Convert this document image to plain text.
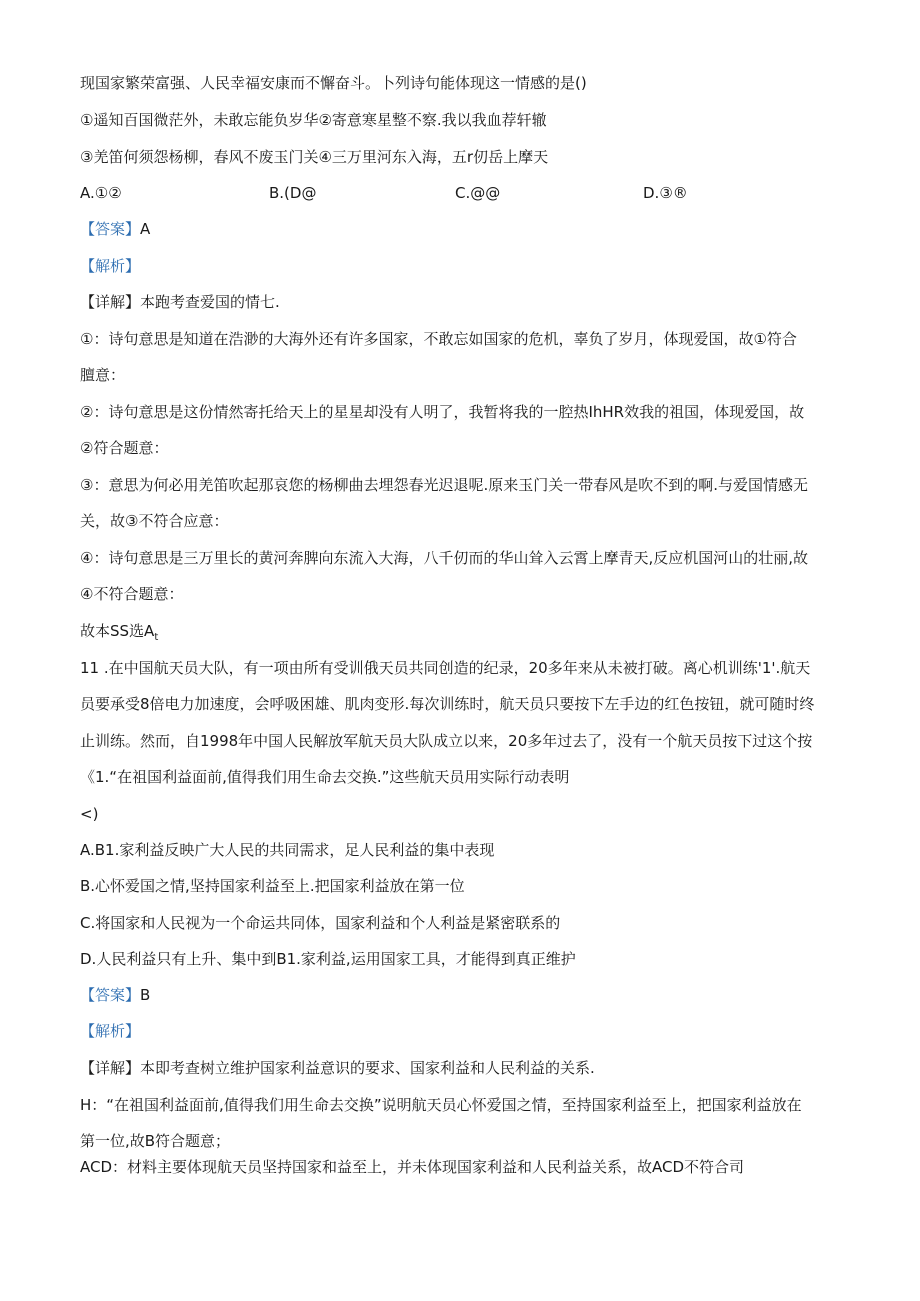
现国家繁荣富强、人民幸福安康而不懈奋斗。卜列诗句能体现这一情感的是()
①遥知百国微茫外，未敢忘能负岁华②寄意寒星整不察.我以我血荐轩辙
③羌笛何须怨杨柳，春风不废玉门关④三万里河东入海，五r仞岳上摩天
A.①②	B.(D@	C.@@	D.③®
【答案】A
【解析】
【详解】本跑考查爱国的情七.
①：诗句意思是知道在浩渺的大海外还有许多国家，不敢忘如国家的危机，辜负了岁月，体现爱国，故①符合
膻意：
②：诗句意思是这份情然寄托给天上的星星却没有人明了，我暂将我的一腔热IhHR效我的祖国，体现爱国，故
②符合题意：
③：意思为何必用羌笛吹起那哀您的杨柳曲去埋怨春光迟退呢.原来玉门关一带春风是吹不到的啊.与爱国情感无
关，故③不符合应意：
④：诗句意思是三万里长的黄河奔脾向东流入大海，八千仞而的华山耸入云霄上摩青天,反应机国河山的壮丽,故
④不符合题意：
故本SS选$A_t$
11 .在中国航天员大队，有一项由所有受训俄天员共同创造的纪录，20多年来从未被打破。离心机训练'1'.航天
员要承受8倍电力加速度，会呼吸困雄、肌肉变形.每次训练时，航天员只要按下左手边的红色按钮，就可随时终
止训练。然而，自1998年中国人民解放军航天员大队成立以来，20多年过去了，没有一个航天员按下过这个按
《1.“在祖国利益面前,值得我们用生命去交换.”这些航天员用实际行动表明
<)
A.B1.家利益反映广大人民的共同需求，足人民利益的集中表现
B.心怀爱国之情,坚持国家利益至上.把国家利益放在第一位
C.将国家和人民视为一个命运共同体，国家利益和个人利益是紧密联系的
D.人民利益只有上升、集中到B1.家利益,运用国家工具，才能得到真正维护
【答案】B
【解析】
【详解】本即考查树立维护国家利益意识的要求、国家利益和人民利益的关系.
H：“在祖国利益面前,值得我们用生命去交换”说明航天员心怀爱国之情，至持国家利益至上，把国家利益放在
第一位,故B符合题意；
ACD：材料主要体现航天员坚持国家和益至上，并未体现国家利益和人民利益关系，故ACD不符合司
